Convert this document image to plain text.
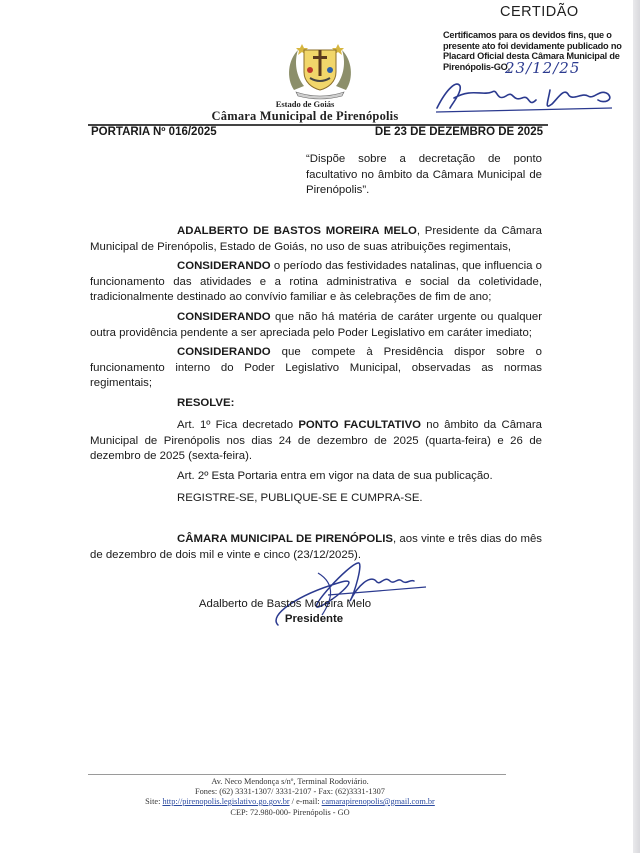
Estado de Goiás
Câmara Municipal de Pirenópolis
CERTIDÃO
Certificamos para os devidos fins, que o
presente ato foi devidamente publicado no
Placard Oficial desta Câmara Municipal de
Pirenópolis-GO,
23/12/25
PORTARIA Nº 016/2025	DE 23 DE DEZEMBRO DE 2025
“Dispõe sobre a decretação de ponto facultativo no âmbito da Câmara Municipal de Pirenópolis”.

ADALBERTO DE BASTOS MOREIRA MELO, Presidente da Câmara Municipal de Pirenópolis, Estado de Goiás, no uso de suas atribuições regimentais,

CONSIDERANDO o período das festividades natalinas, que influencia o funcionamento das atividades e a rotina administrativa e social da coletividade, tradicionalmente destinado ao convívio familiar e às celebrações de fim de ano;

CONSIDERANDO que não há matéria de caráter urgente ou qualquer outra providência pendente a ser apreciada pelo Poder Legislativo em caráter imediato;

CONSIDERANDO que compete à Presidência dispor sobre o funcionamento interno do Poder Legislativo Municipal, observadas as normas regimentais;

RESOLVE:

Art. 1º Fica decretado PONTO FACULTATIVO no âmbito da Câmara Municipal de Pirenópolis nos dias 24 de dezembro de 2025 (quarta-feira) e 26 de dezembro de 2025 (sexta-feira).

Art. 2º Esta Portaria entra em vigor na data de sua publicação.

REGISTRE-SE, PUBLIQUE-SE E CUMPRA-SE.

CÂMARA MUNICIPAL DE PIRENÓPOLIS, aos vinte e três dias do mês de dezembro de dois mil e vinte e cinco (23/12/2025).

Adalberto de Bastos Moreira Melo
Presidente
Av. Neco Mendonça s/nº, Terminal Rodoviário.
Fones: (62) 3331-1307/ 3331-2107 - Fax: (62)3331-1307
Site: http://pirenopolis.legislativo.go.gov.br / e-mail: camarapirenopolis@gmail.com.br
CEP: 72.980-000- Pirenópolis - GO
